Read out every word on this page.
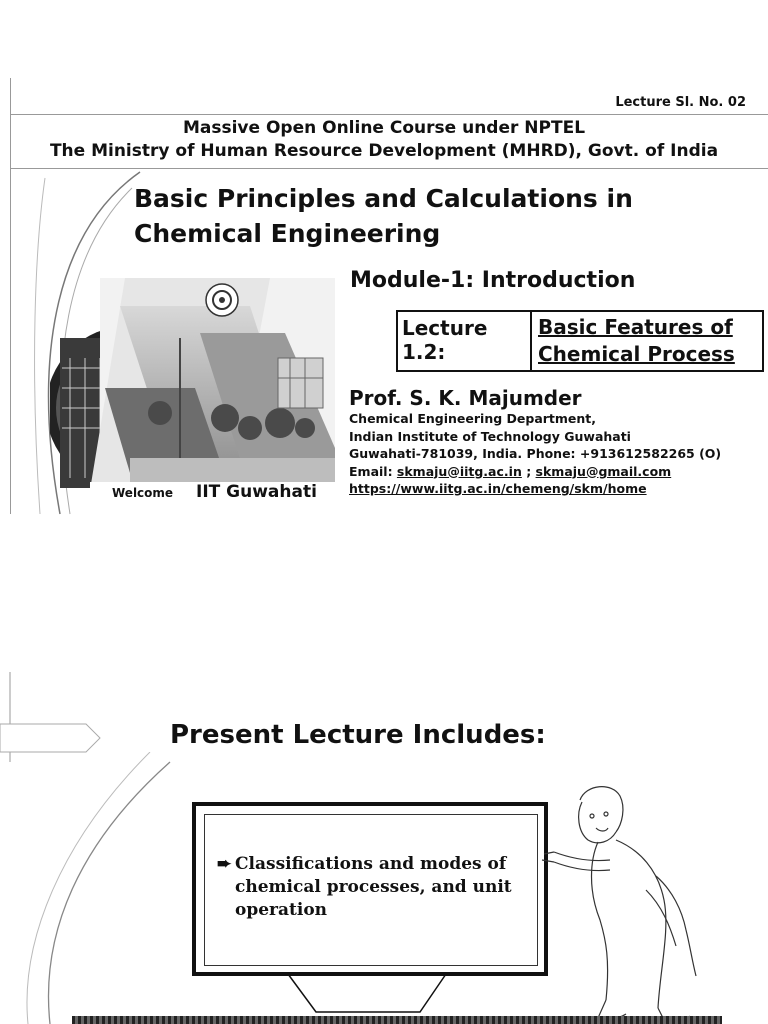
Lecture Sl. No. 02
Massive Open Online Course under NPTEL
The Ministry of Human Resource Development (MHRD), Govt. of India
Basic Principles and Calculations in
Chemical Engineering
Welcome IIT Guwahati
Module-1: Introduction
Lecture 1.2:
Basic Features of
Chemical Process
Prof. S. K. Majumder
Chemical Engineering Department,
Indian Institute of Technology Guwahati
Guwahati-781039, India. Phone: +913612582265 (O)
Email: skmaju@iitg.ac.in ; skmaju@gmail.com
https://www.iitg.ac.in/chemeng/skm/home
Present Lecture Includes:
➨ Classifications and modes of chemical processes, and unit operation
